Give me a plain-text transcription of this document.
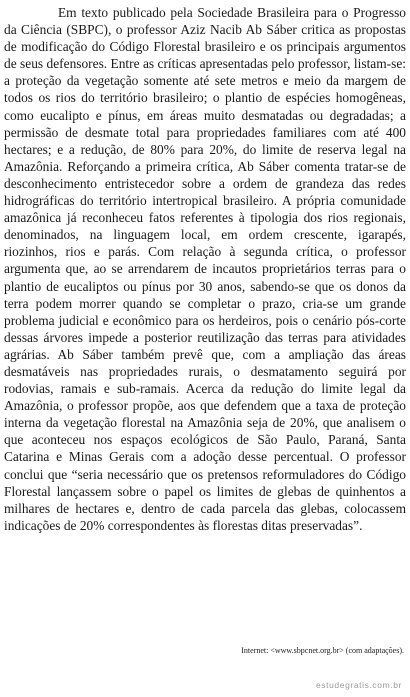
Em texto publicado pela Sociedade Brasileira para o Progresso da Ciência (SBPC), o professor Aziz Nacib Ab Sáber critica as propostas de modificação do Código Florestal brasileiro e os principais argumentos de seus defensores. Entre as críticas apresentadas pelo professor, listam-se: a proteção da vegetação somente até sete metros e meio da margem de todos os rios do território brasileiro; o plantio de espécies homogêneas, como eucalipto e pínus, em áreas muito desmatadas ou degradadas; a permissão de desmate total para propriedades familiares com até 400 hectares; e a redução, de 80% para 20%, do limite de reserva legal na Amazônia. Reforçando a primeira crítica, Ab Sáber comenta tratar-se de desconhecimento entristecedor sobre a ordem de grandeza das redes hidrográficas do território intertropical brasileiro. A própria comunidade amazônica já reconheceu fatos referentes à tipologia dos rios regionais, denominados, na linguagem local, em ordem crescente, igarapés, riozinhos, rios e parás. Com relação à segunda crítica, o professor argumenta que, ao se arrendarem de incautos proprietários terras para o plantio de eucaliptos ou pínus por 30 anos, sabendo-se que os donos da terra podem morrer quando se completar o prazo, cria-se um grande problema judicial e econômico para os herdeiros, pois o cenário pós-corte dessas árvores impede a posterior reutilização das terras para atividades agrárias. Ab Sáber também prevê que, com a ampliação das áreas desmatáveis nas propriedades rurais, o desmatamento seguirá por rodovias, ramais e sub-ramais. Acerca da redução do limite legal da Amazônia, o professor propõe, aos que defendem que a taxa de proteção interna da vegetação florestal na Amazônia seja de 20%, que analisem o que aconteceu nos espaços ecológicos de São Paulo, Paraná, Santa Catarina e Minas Gerais com a adoção desse percentual. O professor conclui que “seria necessário que os pretensos reformuladores do Código Florestal lançassem sobre o papel os limites de glebas de quinhentos a milhares de hectares e, dentro de cada parcela das glebas, colocassem indicações de 20% correspondentes às florestas ditas preservadas”.

Internet: <www.sbpcnet.org.br> (com adaptações).
estudegratis.com.br
